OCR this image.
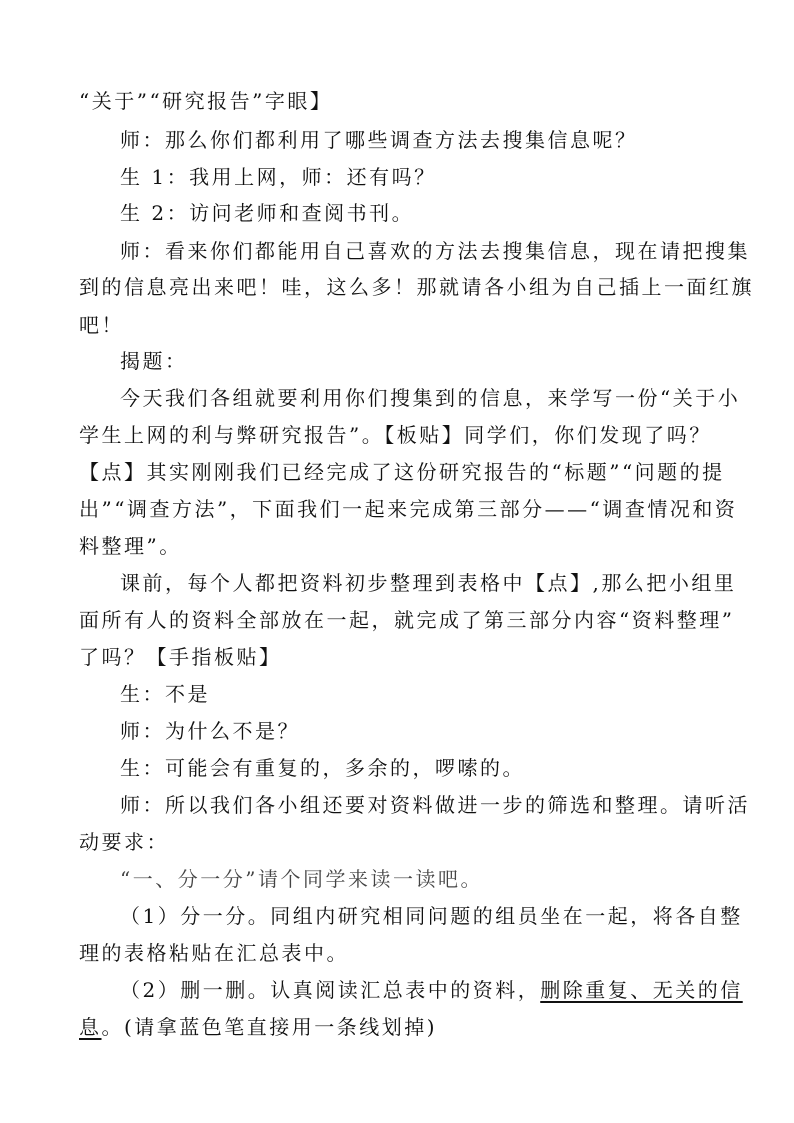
“关于”“研究报告”字眼】
师：那么你们都利用了哪些调查方法去搜集信息呢？
生 1：我用上网，师：还有吗？
生 2：访问老师和查阅书刊。
师：看来你们都能用自己喜欢的方法去搜集信息，现在请把搜集
到的信息亮出来吧！哇，这么多！那就请各小组为自己插上一面红旗
吧！
揭题：
今天我们各组就要利用你们搜集到的信息，来学写一份“关于小
学生上网的利与弊研究报告”。【板贴】同学们，你们发现了吗？
【点】其实刚刚我们已经完成了这份研究报告的“标题”“问题的提
出”“调查方法”，下面我们一起来完成第三部分——“调查情况和资
料整理”。
课前，每个人都把资料初步整理到表格中【点】,那么把小组里
面所有人的资料全部放在一起，就完成了第三部分内容“资料整理”
了吗？【手指板贴】
生：不是
师：为什么不是？
生：可能会有重复的，多余的，啰嗦的。
师：所以我们各小组还要对资料做进一步的筛选和整理。请听活
动要求：
“一、分一分”请个同学来读一读吧。
（1）分一分。同组内研究相同问题的组员坐在一起，将各自整
理的表格粘贴在汇总表中。
（2）删一删。认真阅读汇总表中的资料，删除重复、无关的信
息。(请拿蓝色笔直接用一条线划掉)
